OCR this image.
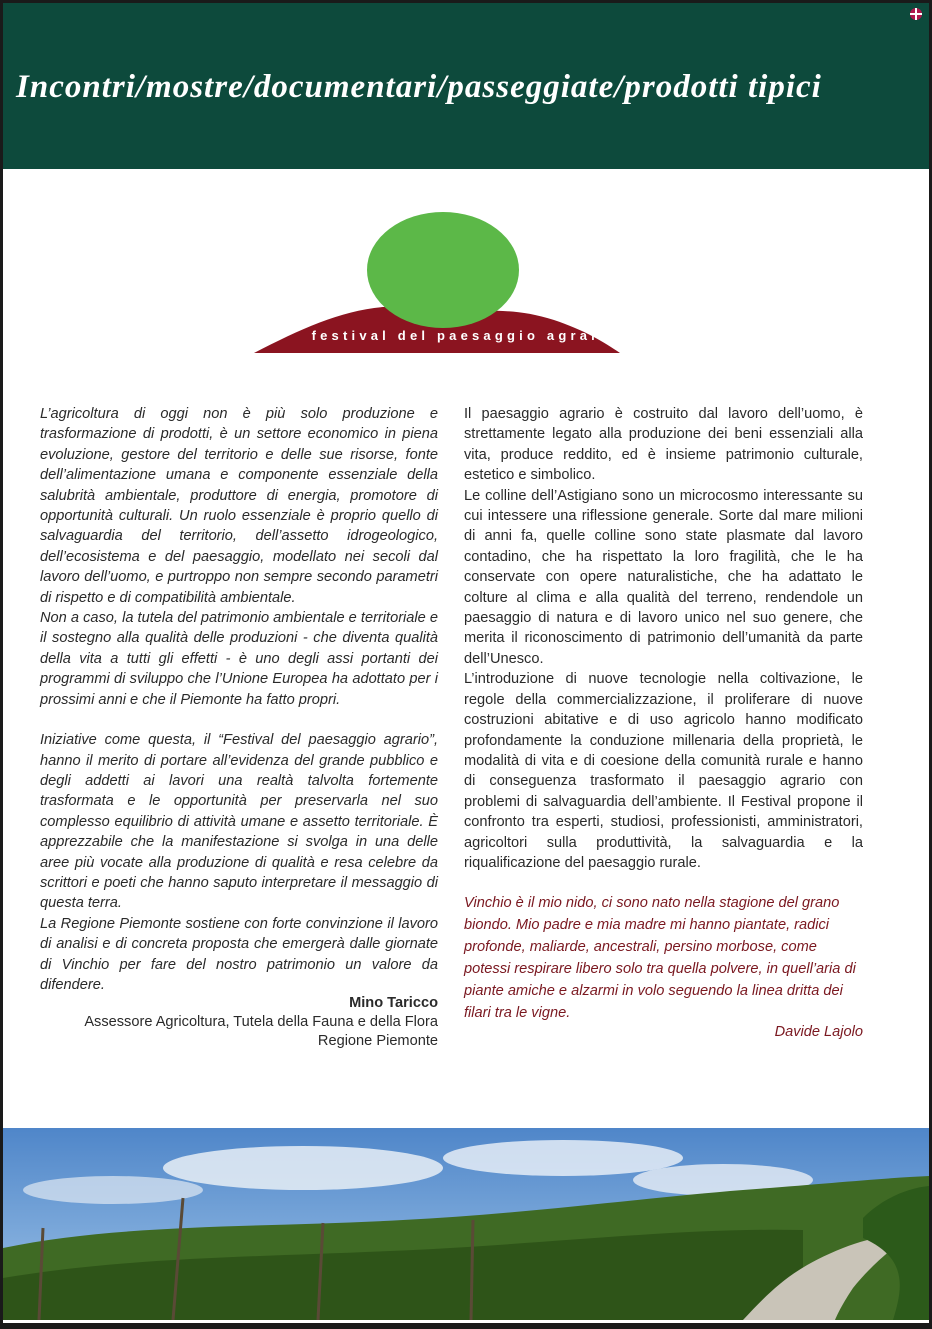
Incontri/mostre/documentari/passeggiate/prodotti tipici
festival del paesaggio agrario

L’agricoltura di oggi non è più solo produzione e trasformazione di prodotti, è un settore economico in piena evoluzione, gestore del territorio e delle sue risorse, fonte dell’alimentazione umana e componente essenziale della salubrità ambientale, produttore di energia, promotore di opportunità culturali. Un ruolo essenziale è proprio quello di salvaguardia del territorio, dell’assetto idrogeologico, dell’ecosistema e del paesaggio, modellato nei secoli dal lavoro dell’uomo, e purtroppo non sempre secondo parametri di rispetto e di compatibilità ambientale.

Non a caso, la tutela del patrimonio ambientale e territoriale e il sostegno alla qualità delle produzioni - che diventa qualità della vita a tutti gli effetti - è uno degli assi portanti dei programmi di sviluppo che l’Unione Europea ha adottato per i prossimi anni e che il Piemonte ha fatto propri.

Iniziative come questa, il “Festival del paesaggio agrario”, hanno il merito di portare all’evidenza del grande pubblico e degli addetti ai lavori una realtà talvolta fortemente trasformata e le opportunità per preservarla nel suo complesso equilibrio di attività umane e assetto territoriale. È apprezzabile che la manifestazione si svolga in una delle aree più vocate alla produzione di qualità e resa celebre da scrittori e poeti che hanno saputo interpretare il messaggio di questa terra.

La Regione Piemonte sostiene con forte convinzione il lavoro di analisi e di concreta proposta che emergerà dalle giornate di Vinchio per fare del nostro patrimonio un valore da difendere.

Mino Taricco
Assessore Agricoltura, Tutela della Fauna e della Flora
Regione Piemonte

Il paesaggio agrario è costruito dal lavoro dell’uomo, è strettamente legato alla produzione dei beni essenziali alla vita, produce reddito, ed è insieme patrimonio culturale, estetico e simbolico.

Le colline dell’Astigiano sono un microcosmo interessante su cui intessere una riflessione generale. Sorte dal mare milioni di anni fa, quelle colline sono state plasmate dal lavoro contadino, che ha rispettato la loro fragilità, che le ha conservate con opere naturalistiche, che ha adattato le colture al clima e alla qualità del terreno, rendendole un paesaggio di natura e di lavoro unico nel suo genere, che merita il riconoscimento di patrimonio dell’umanità da parte dell’Unesco.

L’introduzione di nuove tecnologie nella coltivazione, le regole della commercializzazione, il proliferare di nuove costruzioni abitative e di uso agricolo hanno modificato profondamente la conduzione millenaria della proprietà, le modalità di vita e di coesione della comunità rurale e hanno di conseguenza trasformato il paesaggio agrario con problemi di salvaguardia dell’ambiente. Il Festival propone il confronto tra esperti, studiosi, professionisti, amministratori, agricoltori sulla produttività, la salvaguardia e la riqualificazione del paesaggio rurale.

Vinchio è il mio nido, ci sono nato nella stagione del grano biondo. Mio padre e mia madre mi hanno piantate, radici profonde, maliarde, ancestrali, persino morbose, come potessi respirare libero solo tra quella polvere, in quell’aria di piante amiche e alzarmi in volo seguendo la linea dritta dei filari tra le vigne.
Davide Lajolo
